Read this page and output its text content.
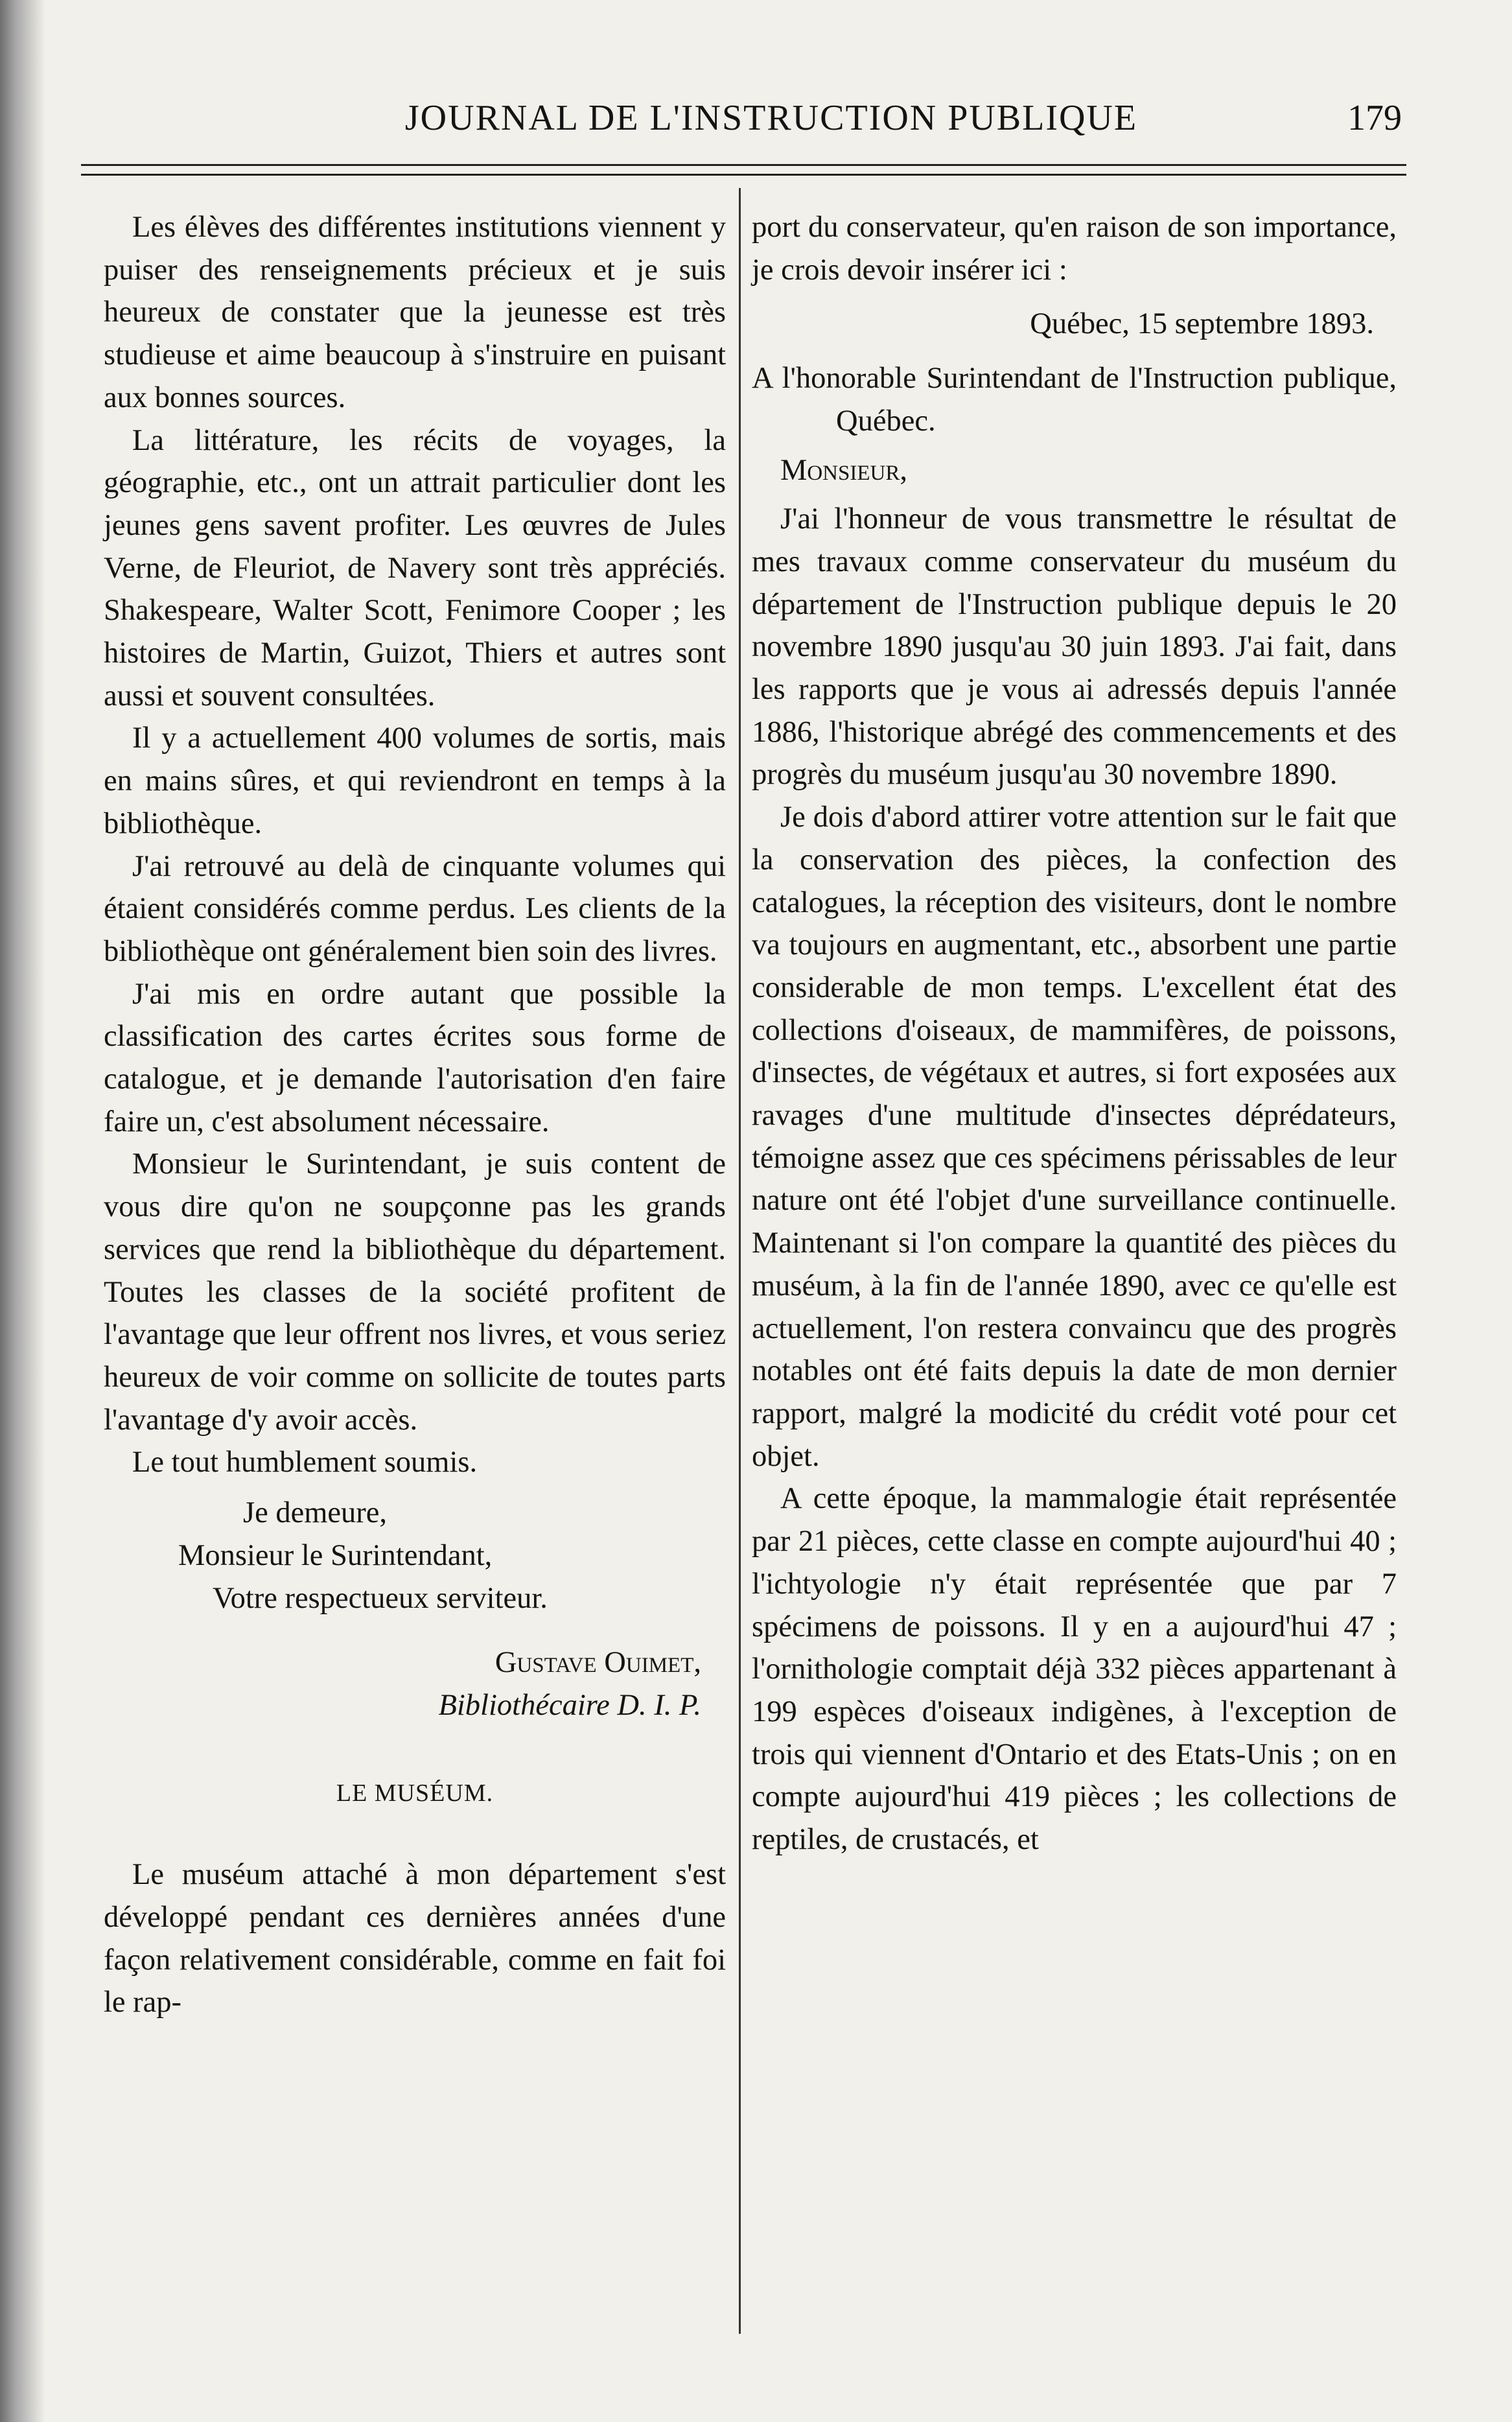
JOURNAL DE L'INSTRUCTION PUBLIQUE	179

Les élèves des différentes institutions viennent y puiser des renseignements précieux et je suis heureux de constater que la jeunesse est très studieuse et aime beaucoup à s'instruire en puisant aux bonnes sources.

La littérature, les récits de voyages, la géographie, etc., ont un attrait particulier dont les jeunes gens savent profiter. Les œuvres de Jules Verne, de Fleuriot, de Navery sont très appréciés. Shakespeare, Walter Scott, Fenimore Cooper ; les histoires de Martin, Guizot, Thiers et autres sont aussi et souvent consultées.

Il y a actuellement 400 volumes de sortis, mais en mains sûres, et qui reviendront en temps à la bibliothèque.

J'ai retrouvé au delà de cinquante volumes qui étaient considérés comme perdus. Les clients de la bibliothèque ont généralement bien soin des livres.

J'ai mis en ordre autant que possible la classification des cartes écrites sous forme de catalogue, et je demande l'autorisation d'en faire faire un, c'est absolument nécessaire.

Monsieur le Surintendant, je suis content de vous dire qu'on ne soupçonne pas les grands services que rend la bibliothèque du département. Toutes les classes de la société profitent de l'avantage que leur offrent nos livres, et vous seriez heureux de voir comme on sollicite de toutes parts l'avantage d'y avoir accès.

Le tout humblement soumis.

Je demeure,
Monsieur le Surintendant,
Votre respectueux serviteur.

Gustave Ouimet,
Bibliothécaire D. I. P.

LE MUSÉUM.

Le muséum attaché à mon département s'est développé pendant ces dernières années d'une façon relativement considérable, comme en fait foi le rap-

port du conservateur, qu'en raison de son importance, je crois devoir insérer ici :

Québec, 15 septembre 1893.

A l'honorable Surintendant de l'Instruction publique, Québec.

Monsieur,

J'ai l'honneur de vous transmettre le résultat de mes travaux comme conservateur du muséum du département de l'Instruction publique depuis le 20 novembre 1890 jusqu'au 30 juin 1893. J'ai fait, dans les rapports que je vous ai adressés depuis l'année 1886, l'historique abrégé des commencements et des progrès du muséum jusqu'au 30 novembre 1890.

Je dois d'abord attirer votre attention sur le fait que la conservation des pièces, la confection des catalogues, la réception des visiteurs, dont le nombre va toujours en augmentant, etc., absorbent une partie considerable de mon temps. L'excellent état des collections d'oiseaux, de mammifères, de poissons, d'insectes, de végétaux et autres, si fort exposées aux ravages d'une multitude d'insectes déprédateurs, témoigne assez que ces spécimens périssables de leur nature ont été l'objet d'une surveillance continuelle. Maintenant si l'on compare la quantité des pièces du muséum, à la fin de l'année 1890, avec ce qu'elle est actuellement, l'on restera convaincu que des progrès notables ont été faits depuis la date de mon dernier rapport, malgré la modicité du crédit voté pour cet objet.

A cette époque, la mammalogie était représentée par 21 pièces, cette classe en compte aujourd'hui 40 ; l'ichtyologie n'y était représentée que par 7 spécimens de poissons. Il y en a aujourd'hui 47 ; l'ornithologie comptait déjà 332 pièces appartenant à 199 espèces d'oiseaux indigènes, à l'exception de trois qui viennent d'Ontario et des Etats-Unis ; on en compte aujourd'hui 419 pièces ; les collections de reptiles, de crustacés, et
